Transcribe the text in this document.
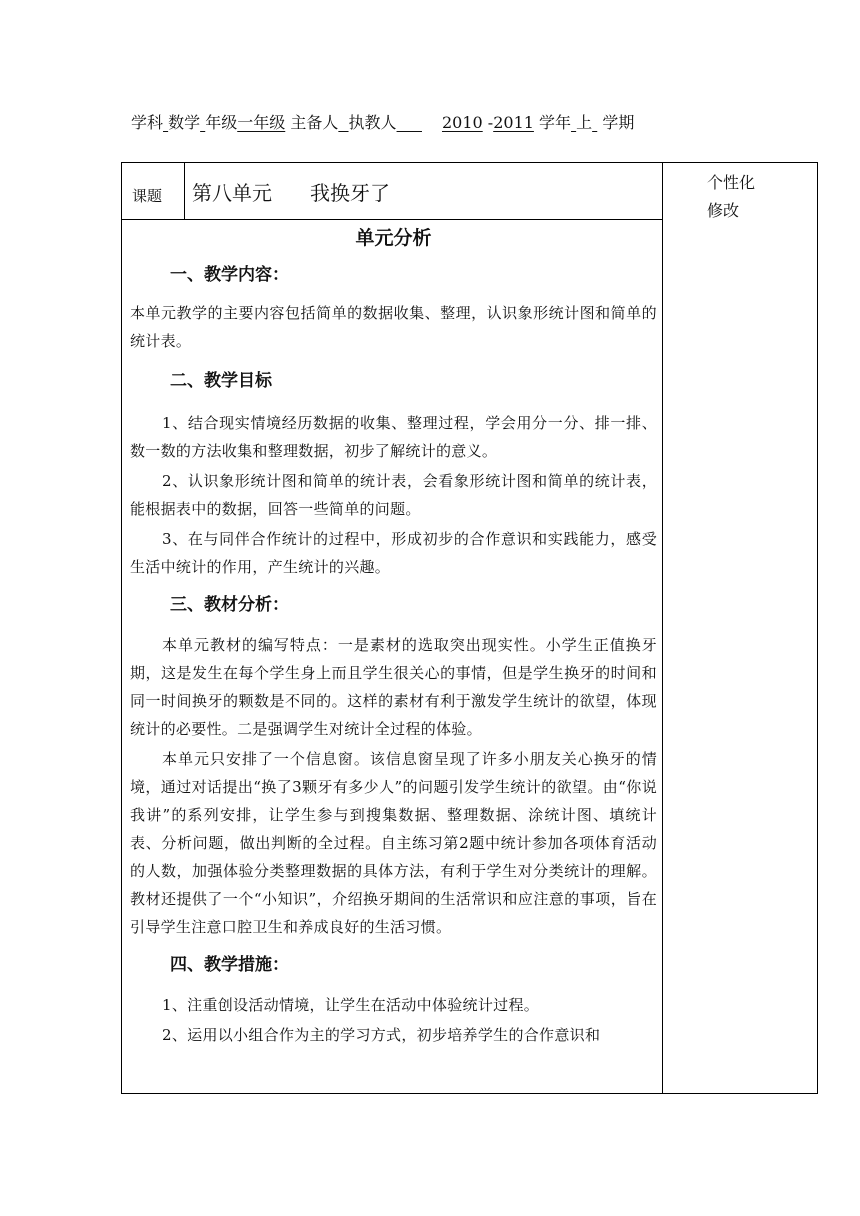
学科 数学 年级一年级 主备人 执教人	2010 -2011 学年 上 学期
课题 第八单元 我换牙了	个性化
修改
单元分析
一、教学内容：

本单元教学的主要内容包括简单的数据收集、整理，认识象形统计图和简单的统计表。

二、教学目标

1、结合现实情境经历数据的收集、整理过程，学会用分一分、排一排、数一数的方法收集和整理数据，初步了解统计的意义。

2、认识象形统计图和简单的统计表，会看象形统计图和简单的统计表，能根据表中的数据，回答一些简单的问题。

3、在与同伴合作统计的过程中，形成初步的合作意识和实践能力，感受生活中统计的作用，产生统计的兴趣。

三、教材分析：

本单元教材的编写特点：一是素材的选取突出现实性。小学生正值换牙期，这是发生在每个学生身上而且学生很关心的事情，但是学生换牙的时间和同一时间换牙的颗数是不同的。这样的素材有利于激发学生统计的欲望，体现统计的必要性。二是强调学生对统计全过程的体验。

本单元只安排了一个信息窗。该信息窗呈现了许多小朋友关心换牙的情境，通过对话提出“换了3颗牙有多少人”的问题引发学生统计的欲望。由“你说我讲”的系列安排，让学生参与到搜集数据、整理数据、涂统计图、填统计表、分析问题，做出判断的全过程。自主练习第2题中统计参加各项体育活动的人数，加强体验分类整理数据的具体方法，有利于学生对分类统计的理解。教材还提供了一个“小知识”，介绍换牙期间的生活常识和应注意的事项，旨在引导学生注意口腔卫生和养成良好的生活习惯。

四、教学措施：

1、注重创设活动情境，让学生在活动中体验统计过程。

2、运用以小组合作为主的学习方式，初步培养学生的合作意识和
